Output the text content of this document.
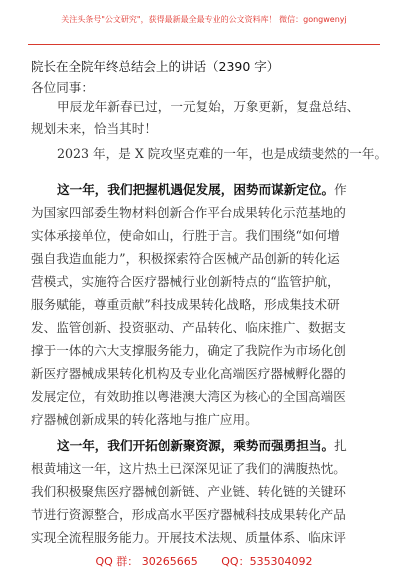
关注头条号"公文研究"，获得最新最全最专业的公文资料库！ 微信：gongwenyj
院长在全院年终总结会上的讲话（2390 字）
各位同事：
甲辰龙年新春已过，一元复始，万象更新，复盘总结、
规划未来，恰当其时！
2023 年，是 X 院攻坚克难的一年，也是成绩斐然的一年。
这一年，我们把握机遇促发展，困势而谋新定位。作
为国家四部委生物材料创新合作平台成果转化示范基地的
实体承接单位，使命如山，行胜于言。我们围绕“如何增
强自我造血能力”，积极探索符合医械产品创新的转化运
营模式，实施符合医疗器械行业创新特点的“监管护航，
服务赋能，尊重贡献”科技成果转化战略，形成集技术研
发、监管创新、投资驱动、产品转化、临床推广、数据支
撑于一体的六大支撑服务能力，确定了我院作为市场化创
新医疗器械成果转化机构及专业化高端医疗器械孵化器的
发展定位，有效助推以粤港澳大湾区为核心的全国高端医
疗器械创新成果的转化落地与推广应用。
这一年，我们开拓创新聚资源，乘势而强勇担当。扎
根黄埔这一年，这片热土已深深见证了我们的满腹热忱。
我们积极聚焦医疗器械创新链、产业链、转化链的关键环
节进行资源整合，形成高水平医疗器械科技成果转化产品
实现全流程服务能力。开展技术法规、质量体系、临床评
QQ 群： 30265665 QQ：535304092
